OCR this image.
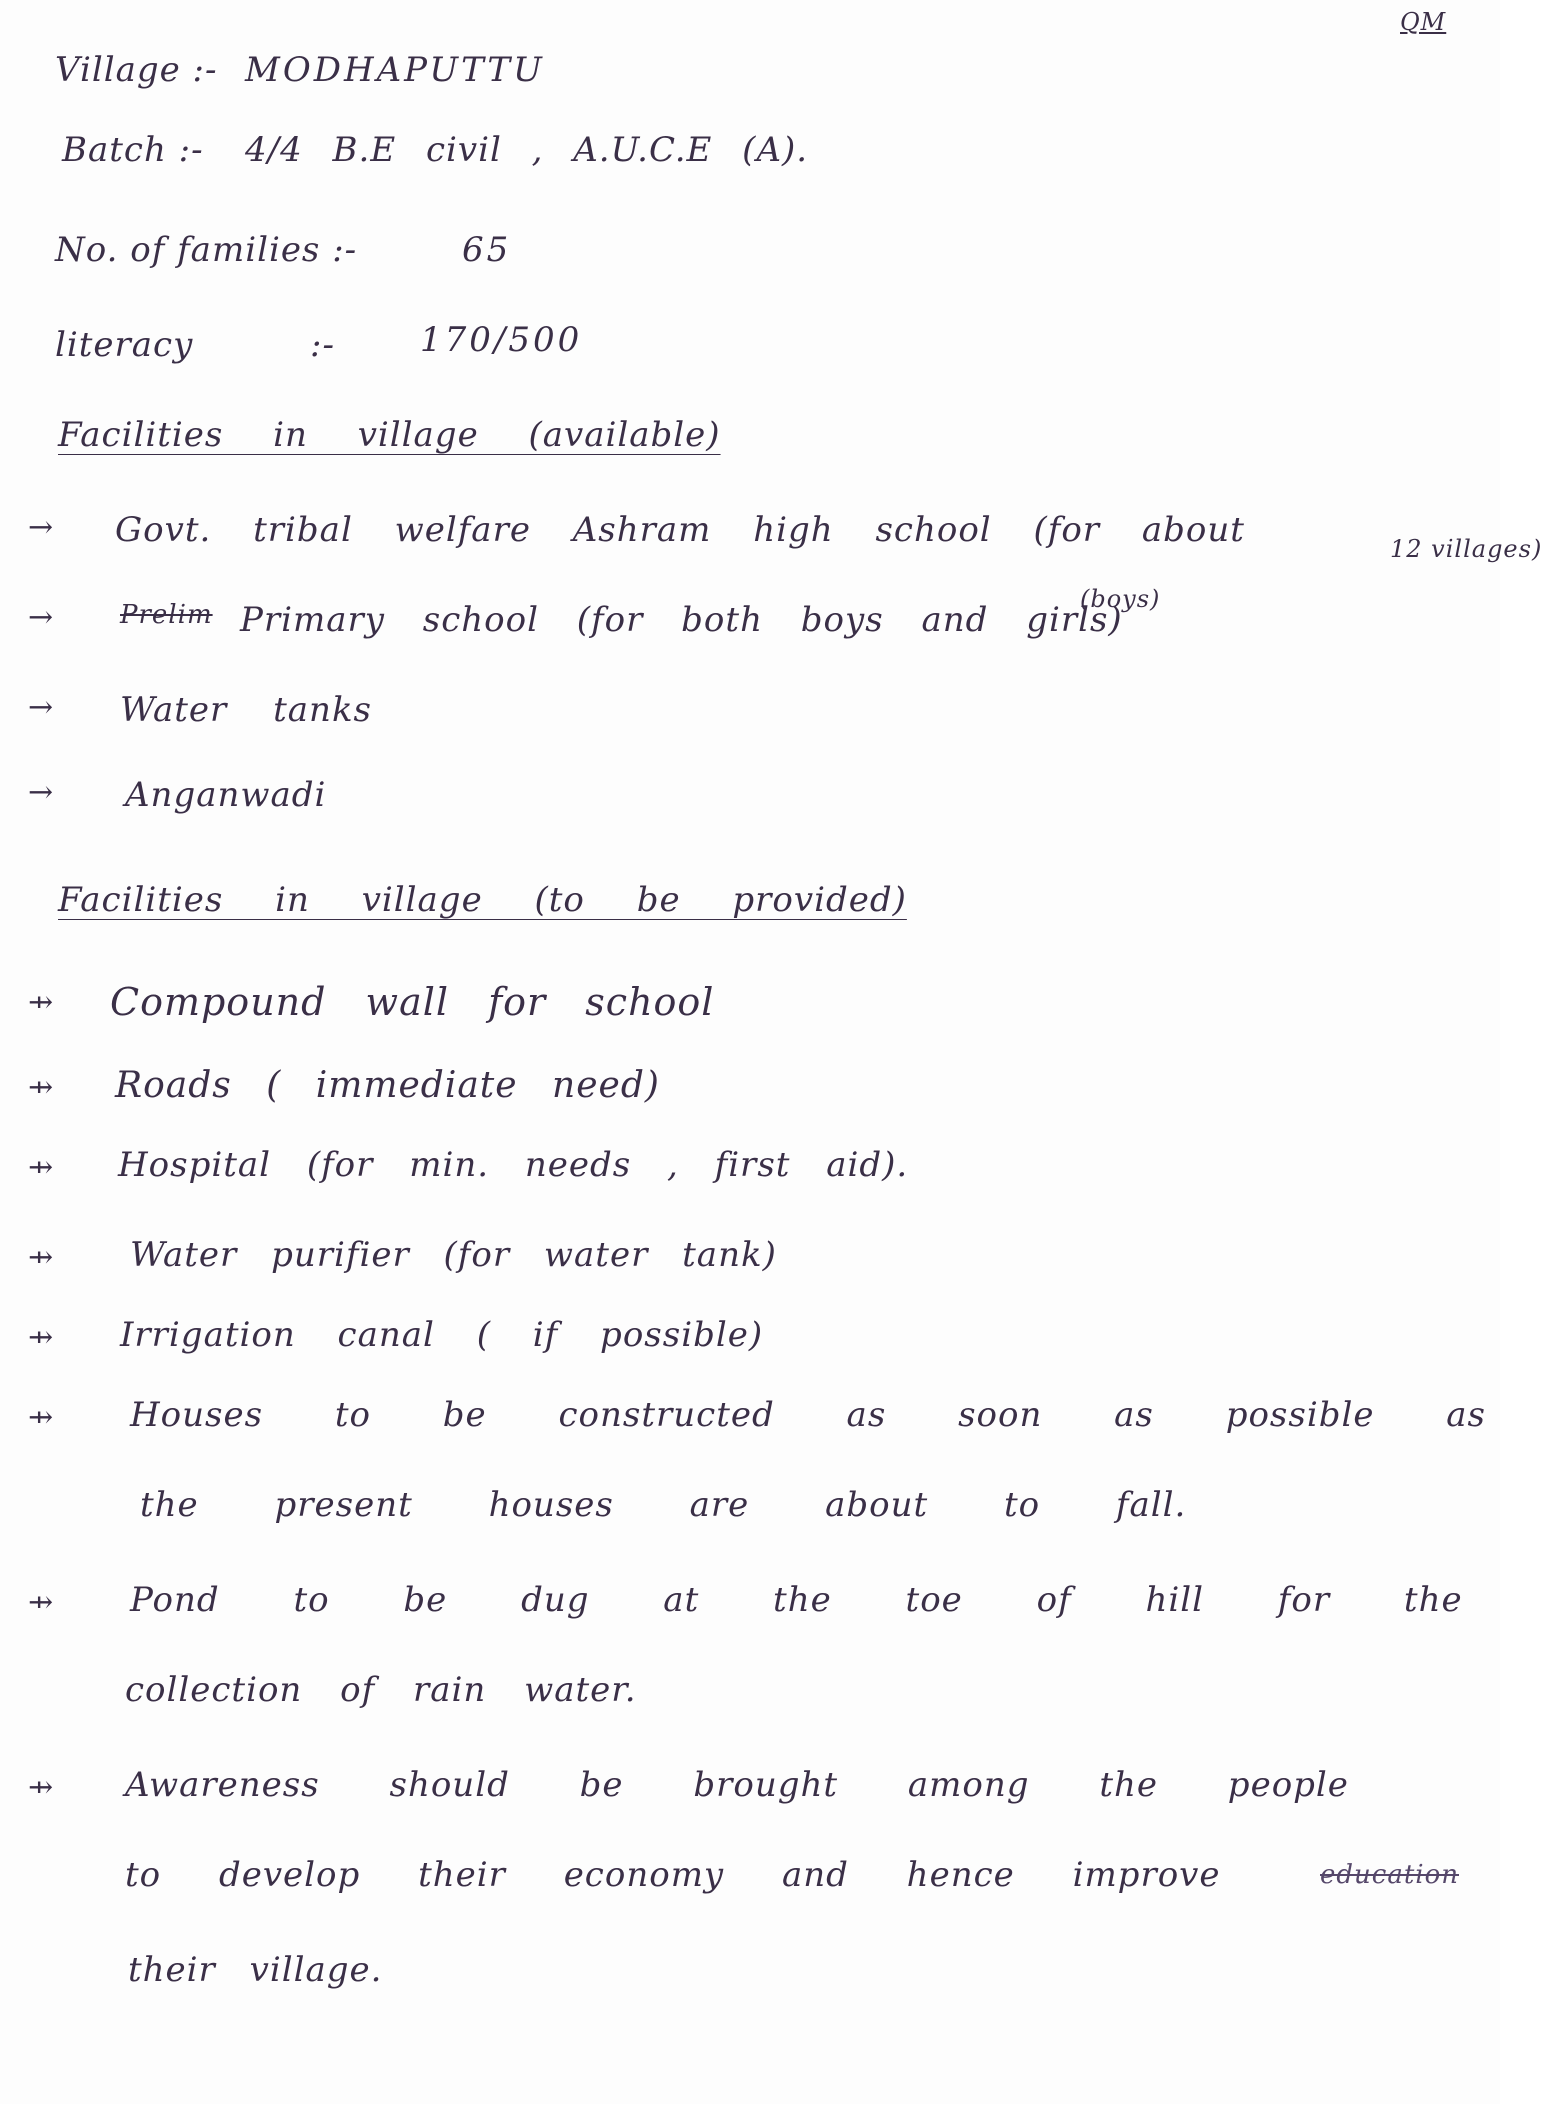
QM
Village :- MODHAPUTTU
Batch :- 4/4 B.E civil , A.U.C.E (A).
No. of families :-	65
literacy	:-	170/500
Facilities in village (available)
→ Govt. tribal welfare Ashram high school (for about	12 villages)
(boys)
→	Prelim Primary school (for both boys and girls)
→ Water tanks
→ Anganwadi
Facilities in village (to be provided)
⇸ Compound wall for school
⇸ Roads ( immediate need)
⇸ Hospital (for min. needs , first aid).
⇸ Water purifier (for water tank)
⇸ Irrigation canal ( if possible)
⇸ Houses to be constructed as soon as possible as
the present houses are about to fall.
⇸ Pond to be dug at the toe of hill for the
collection of rain water.
⇸ Awareness should be brought among the people
to develop their economy and hence improve	education
their village.
